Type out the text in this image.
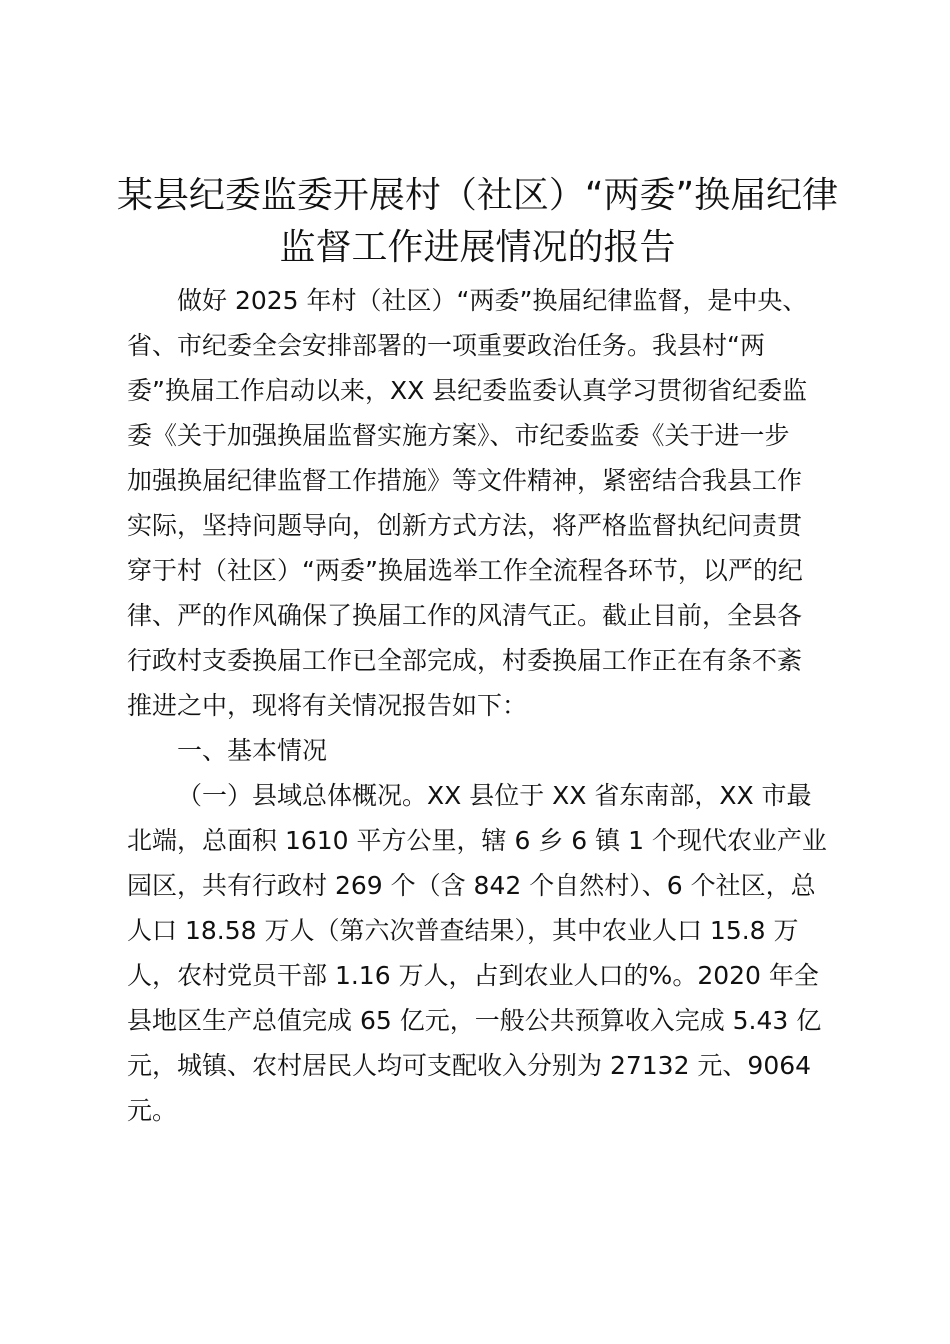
某县纪委监委开展村（社区）“两委”换届纪律
监督工作进展情况的报告
做好 2025 年村（社区）“两委”换届纪律监督，是中央、
省、市纪委全会安排部署的一项重要政治任务。我县村“两
委”换届工作启动以来，XX 县纪委监委认真学习贯彻省纪委监
委《关于加强换届监督实施方案》、市纪委监委《关于进一步
加强换届纪律监督工作措施》等文件精神，紧密结合我县工作
实际，坚持问题导向，创新方式方法，将严格监督执纪问责贯
穿于村（社区）“两委”换届选举工作全流程各环节，以严的纪
律、严的作风确保了换届工作的风清气正。截止目前，全县各
行政村支委换届工作已全部完成，村委换届工作正在有条不紊
推进之中，现将有关情况报告如下：
一、基本情况
（一）县域总体概况。XX 县位于 XX 省东南部，XX 市最
北端，总面积 1610 平方公里，辖 6 乡 6 镇 1 个现代农业产业
园区，共有行政村 269 个（含 842 个自然村）、6 个社区，总
人口 18.58 万人（第六次普查结果），其中农业人口 15.8 万
人，农村党员干部 1.16 万人，占到农业人口的%。2020 年全
县地区生产总值完成 65 亿元，一般公共预算收入完成 5.43 亿
元，城镇、农村居民人均可支配收入分别为 27132 元、9064
元。
